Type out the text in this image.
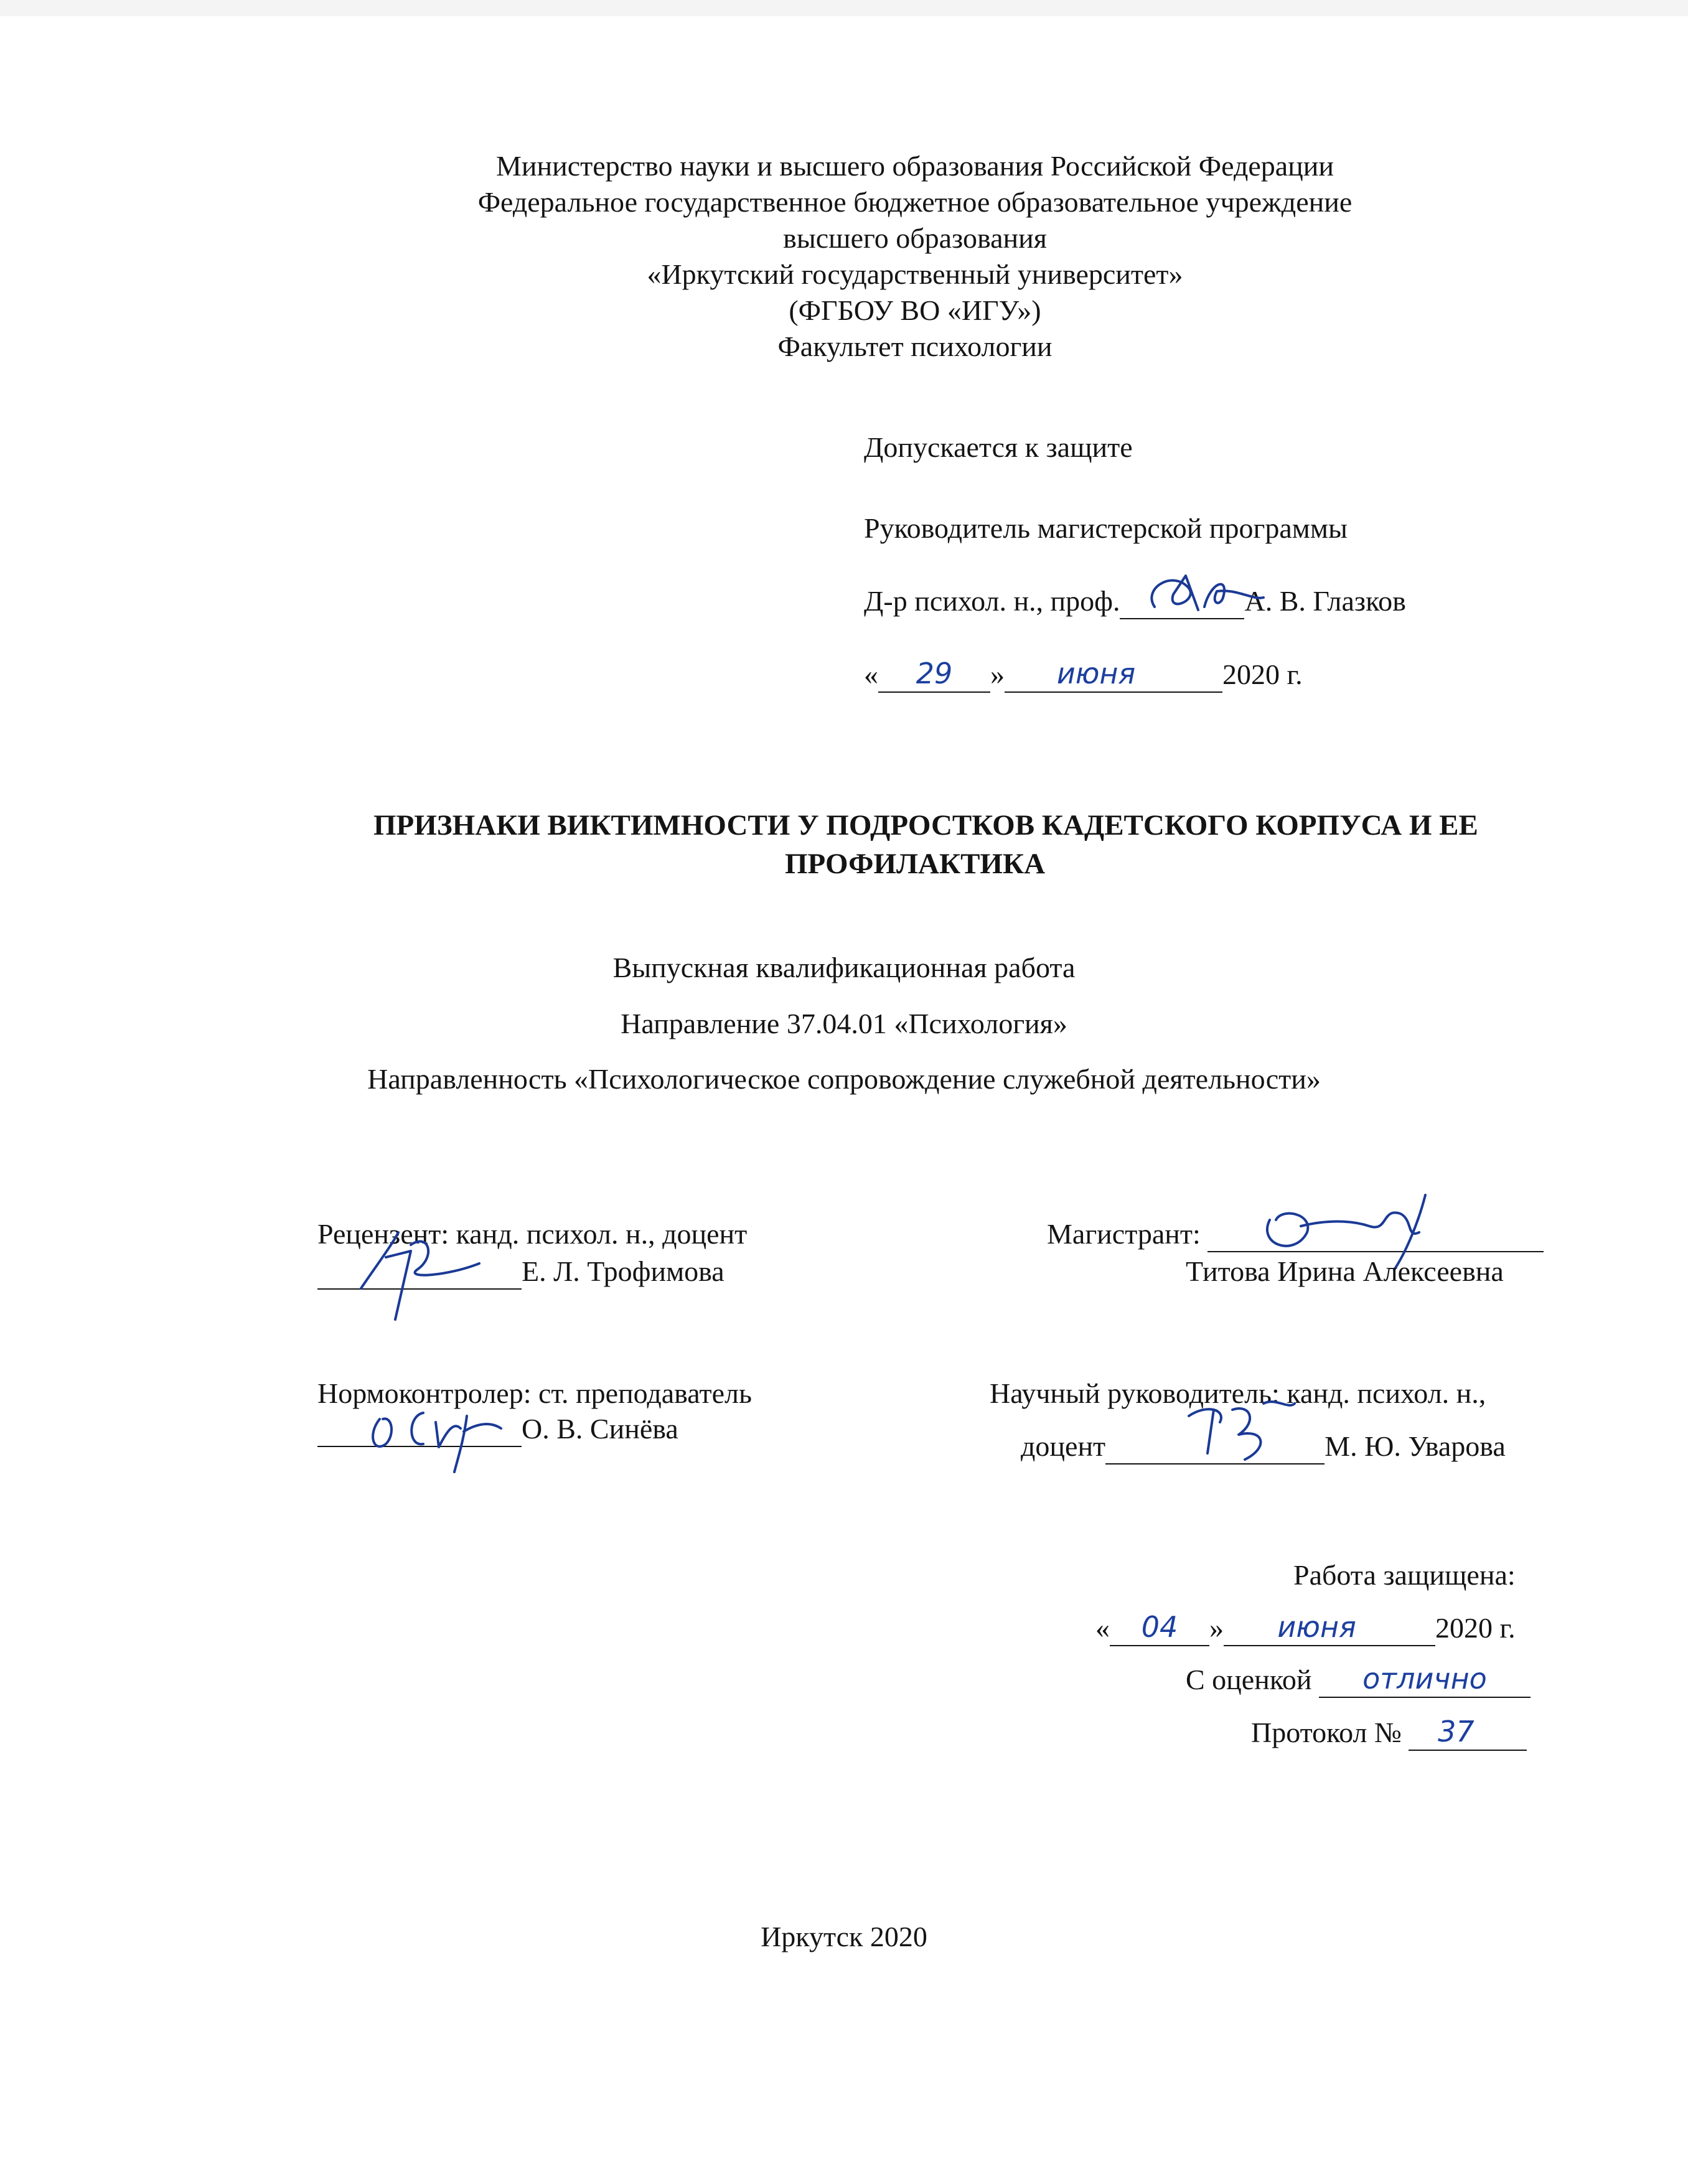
Министерство науки и высшего образования Российской Федерации
Федеральное государственное бюджетное образовательное учреждение
высшего образования
«Иркутский государственный университет»
(ФГБОУ ВО «ИГУ»)
Факультет психологии
Допускается к защите
Руководитель магистерской программы
Д-р психол. н., проф.	А. В. Глазков
« 29 » июня	2020 г.
ПРИЗНАКИ ВИКТИМНОСТИ У ПОДРОСТКОВ КАДЕТСКОГО КОРПУСА И ЕЕ
ПРОФИЛАКТИКА
Выпускная квалификационная работа
Направление 37.04.01 «Психология»
Направленность «Психологическое сопровождение служебной деятельности»
Рецензент: канд. психол. н., доцент
Е. Л. Трофимова
Магистрант:
Титова Ирина Алексеевна
Нормоконтролер: ст. преподаватель
О. В. Синёва
Научный руководитель: канд. психол. н.,
доцент	М. Ю. Уварова
Работа защищена:
« 04 » июня	2020 г.
С оценкой отлично
Протокол № 37
Иркутск 2020
